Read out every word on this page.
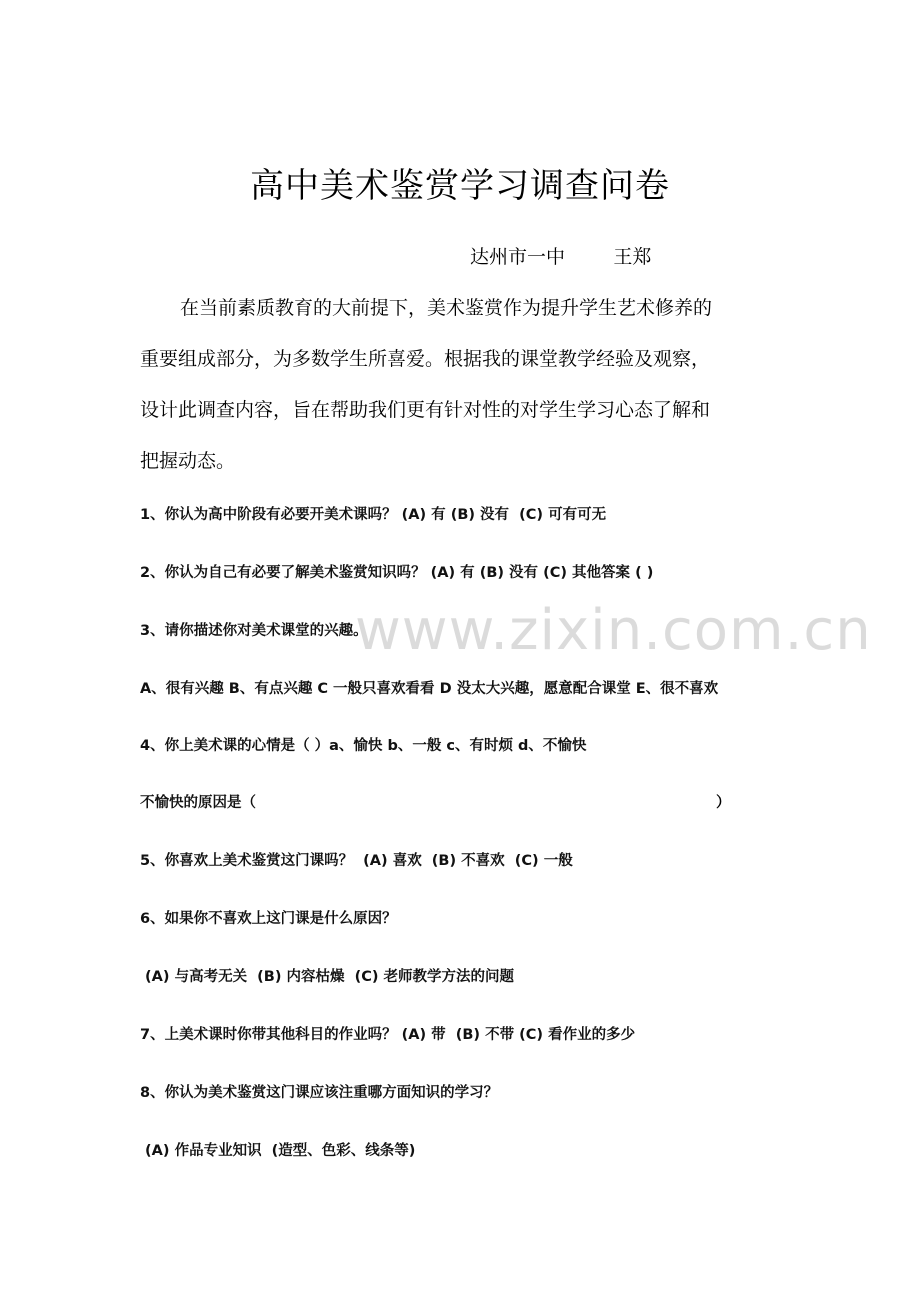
高中美术鉴赏学习调查问卷
达州市一中        王郑
在当前素质教育的大前提下，美术鉴赏作为提升学生艺术修养的
重要组成部分，为多数学生所喜爱。根据我的课堂教学经验及观察，
设计此调查内容，旨在帮助我们更有针对性的对学生学习心态了解和
把握动态。
www.zixin.com.cn
1、你认为高中阶段有必要开美术课吗？ (A) 有 (B) 没有  (C) 可有可无
2、你认为自己有必要了解美术鉴赏知识吗？ (A) 有 (B) 没有 (C) 其他答案 ( )
3、请你描述你对美术课堂的兴趣。
A、很有兴趣 B、有点兴趣 C 一般只喜欢看看 D 没太大兴趣，愿意配合课堂 E、很不喜欢
4、你上美术课的心情是（ ）a、愉快 b、一般 c、有时烦 d、不愉快
不愉快的原因是（	）
5、你喜欢上美术鉴赏这门课吗？  (A) 喜欢  (B) 不喜欢  (C) 一般
6、如果你不喜欢上这门课是什么原因？
(A) 与高考无关  (B) 内容枯燥  (C) 老师教学方法的问题
7、上美术课时你带其他科目的作业吗？ (A) 带  (B) 不带 (C) 看作业的多少
8、你认为美术鉴赏这门课应该注重哪方面知识的学习？
(A) 作品专业知识  (造型、色彩、线条等)
